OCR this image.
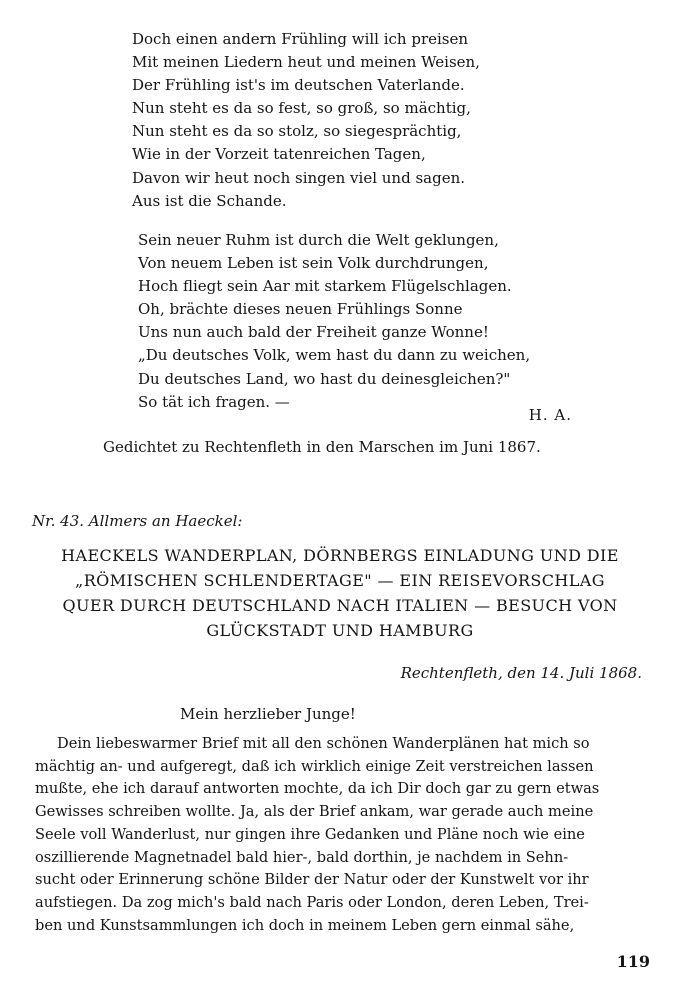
Doch einen andern Frühling will ich preisen
Mit meinen Liedern heut und meinen Weisen,
Der Frühling ist's im deutschen Vaterlande.
Nun steht es da so fest, so groß, so mächtig,
Nun steht es da so stolz, so siegesprächtig,
Wie in der Vorzeit tatenreichen Tagen,
Davon wir heut noch singen viel und sagen.
Aus ist die Schande.
Sein neuer Ruhm ist durch die Welt geklungen,
Von neuem Leben ist sein Volk durchdrungen,
Hoch fliegt sein Aar mit starkem Flügelschlagen.
Oh, brächte dieses neuen Frühlings Sonne
Uns nun auch bald der Freiheit ganze Wonne!
„Du deutsches Volk, wem hast du dann zu weichen,
Du deutsches Land, wo hast du deinesgleichen?"
So tät ich fragen. —
H. A.
Gedichtet zu Rechtenfleth in den Marschen im Juni 1867.
Nr. 43. Allmers an Haeckel:
HAECKELS WANDERPLAN, DÖRNBERGS EINLADUNG UND DIE
„RÖMISCHEN SCHLENDERTAGE" — EIN REISEVORSCHLAG
QUER DURCH DEUTSCHLAND NACH ITALIEN — BESUCH VON
GLÜCKSTADT UND HAMBURG
Rechtenfleth, den 14. Juli 1868.
Mein herzlieber Junge!
Dein liebeswarmer Brief mit all den schönen Wanderplänen hat mich so
mächtig an- und aufgeregt, daß ich wirklich einige Zeit verstreichen lassen
mußte, ehe ich darauf antworten mochte, da ich Dir doch gar zu gern etwas
Gewisses schreiben wollte. Ja, als der Brief ankam, war gerade auch meine
Seele voll Wanderlust, nur gingen ihre Gedanken und Pläne noch wie eine
oszillierende Magnetnadel bald hier-, bald dorthin, je nachdem in Sehn-
sucht oder Erinnerung schöne Bilder der Natur oder der Kunstwelt vor ihr
aufstiegen. Da zog mich's bald nach Paris oder London, deren Leben, Trei-
ben und Kunstsammlungen ich doch in meinem Leben gern einmal sähe,
119
